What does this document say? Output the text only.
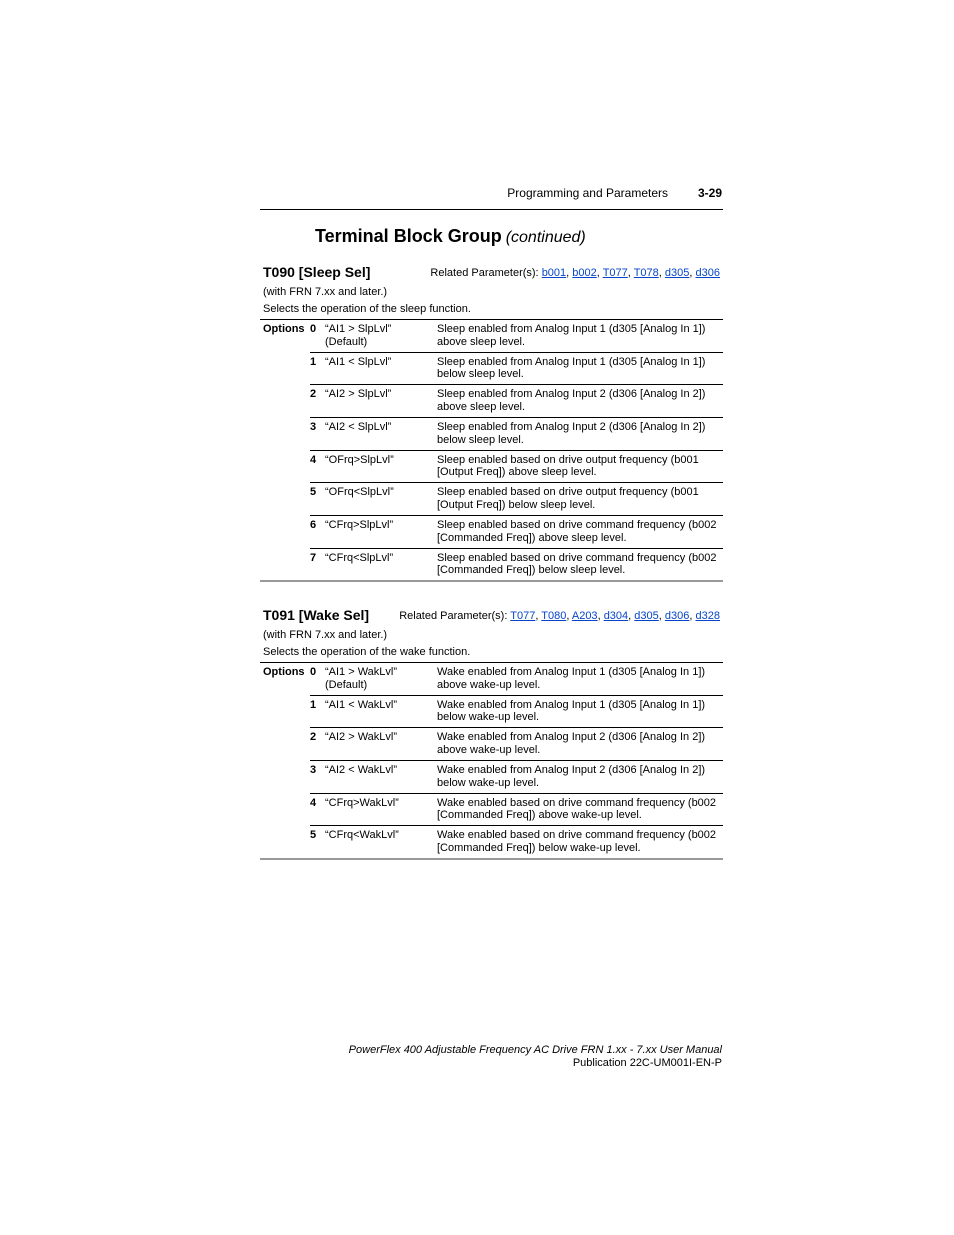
Programming and Parameters 3-29
Terminal Block Group (continued)
T090 [Sleep Sel]	Related Parameter(s): b001, b002, T077, T078, d305, d306
(with FRN 7.xx and later.)
Selects the operation of the sleep function.
Options	0	“AI1 > SlpLvl” (Default)	Sleep enabled from Analog Input 1 (d305 [Analog In 1]) above sleep level.
	1	“AI1 < SlpLvl”	Sleep enabled from Analog Input 1 (d305 [Analog In 1]) below sleep level.
	2	“AI2 > SlpLvl”	Sleep enabled from Analog Input 2 (d306 [Analog In 2]) above sleep level.
	3	“AI2 < SlpLvl”	Sleep enabled from Analog Input 2 (d306 [Analog In 2]) below sleep level.
	4	“OFrq>SlpLvl”	Sleep enabled based on drive output frequency (b001 [Output Freq]) above sleep level.
	5	“OFrq<SlpLvl”	Sleep enabled based on drive output frequency (b001 [Output Freq]) below sleep level.
	6	“CFrq>SlpLvl”	Sleep enabled based on drive command frequency (b002 [Commanded Freq]) above sleep level.
	7	“CFrq<SlpLvl”	Sleep enabled based on drive command frequency (b002 [Commanded Freq]) below sleep level.
T091 [Wake Sel]	Related Parameter(s): T077, T080, A203, d304, d305, d306, d328
(with FRN 7.xx and later.)
Selects the operation of the wake function.
Options	0	“AI1 > WakLvl” (Default)	Wake enabled from Analog Input 1 (d305 [Analog In 1]) above wake-up level.
	1	“AI1 < WakLvl”	Wake enabled from Analog Input 1 (d305 [Analog In 1]) below wake-up level.
	2	“AI2 > WakLvl”	Wake enabled from Analog Input 2 (d306 [Analog In 2]) above wake-up level.
	3	“AI2 < WakLvl”	Wake enabled from Analog Input 2 (d306 [Analog In 2]) below wake-up level.
	4	“CFrq>WakLvl”	Wake enabled based on drive command frequency (b002 [Commanded Freq]) above wake-up level.
	5	“CFrq<WakLvl”	Wake enabled based on drive command frequency (b002 [Commanded Freq]) below wake-up level.
PowerFlex 400 Adjustable Frequency AC Drive FRN 1.xx - 7.xx User Manual
Publication 22C-UM001I-EN-P
